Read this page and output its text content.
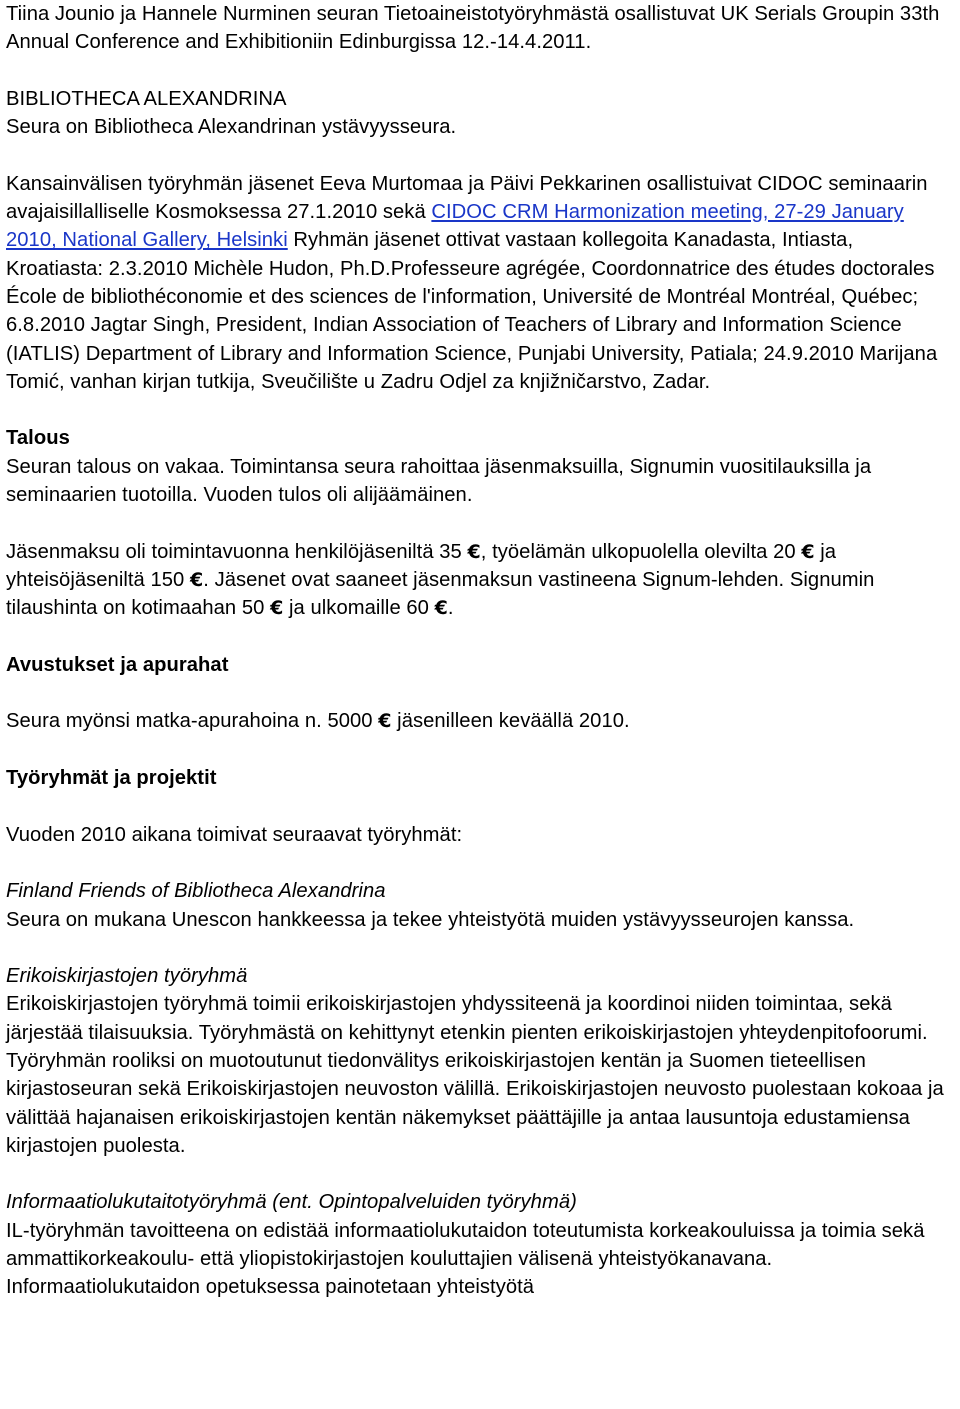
Tiina Jounio ja Hannele Nurminen seuran Tietoaineistotyöryhmästä osallistuvat UK Serials Groupin 33th Annual Conference and Exhibitioniin Edinburgissa 12.-14.4.2011.

BIBLIOTHECA ALEXANDRINA

Seura on Bibliotheca Alexandrinan ystävyysseura.

Kansainvälisen työryhmän jäsenet Eeva Murtomaa ja Päivi Pekkarinen osallistuivat CIDOC seminaarin avajaisillalliselle Kosmoksessa 27.1.2010 sekä CIDOC CRM Harmonization meeting, 27-29 January 2010, National Gallery, Helsinki Ryhmän jäsenet ottivat vastaan kollegoita Kanadasta, Intiasta, Kroatiasta: 2.3.2010 Michèle Hudon, Ph.D.Professeure agrégée, Coordonnatrice des études doctorales École de bibliothéconomie et des sciences de l'information, Université de Montréal Montréal, Québec; 6.8.2010 Jagtar Singh, President, Indian Association of Teachers of Library and Information Science (IATLIS) Department of Library and Information Science, Punjabi University, Patiala; 24.9.2010 Marijana Tomić, vanhan kirjan tutkija, Sveučilište u Zadru Odjel za knjižničarstvo, Zadar.

Talous

Seuran talous on vakaa. Toimintansa seura rahoittaa jäsenmaksuilla, Signumin vuositilauksilla ja seminaarien tuotoilla. Vuoden tulos oli alijäämäinen.

Jäsenmaksu oli toimintavuonna henkilöjäseniltä 35 €, työelämän ulkopuolella olevilta 20 € ja yhteisöjäseniltä 150 €. Jäsenet ovat saaneet jäsenmaksun vastineena Signum-lehden. Signumin tilaushinta on kotimaahan 50 € ja ulkomaille 60 €.

Avustukset ja apurahat

Seura myönsi matka-apurahoina n. 5000 € jäsenilleen keväällä 2010.

Työryhmät ja projektit

Vuoden 2010 aikana toimivat seuraavat työryhmät:

Finland Friends of Bibliotheca Alexandrina

Seura on mukana Unescon hankkeessa ja tekee yhteistyötä muiden ystävyysseurojen kanssa.

Erikoiskirjastojen työryhmä

Erikoiskirjastojen työryhmä toimii erikoiskirjastojen yhdyssiteenä ja koordinoi niiden toimintaa, sekä järjestää tilaisuuksia. Työryhmästä on kehittynyt etenkin pienten erikoiskirjastojen yhteydenpitofoorumi. Työryhmän rooliksi on muotoutunut tiedonvälitys erikoiskirjastojen kentän ja Suomen tieteellisen kirjastoseuran sekä Erikoiskirjastojen neuvoston välillä. Erikoiskirjastojen neuvosto puolestaan kokoaa ja välittää hajanaisen erikoiskirjastojen kentän näkemykset päättäjille ja antaa lausuntoja edustamiensa kirjastojen puolesta.

Informaatiolukutaitotyöryhmä (ent. Opintopalveluiden työryhmä)

IL-työryhmän tavoitteena on edistää informaatiolukutaidon toteutumista korkeakouluissa ja toimia sekä ammattikorkeakoulu- että yliopistokirjastojen kouluttajien välisenä yhteistyökanavana. Informaatiolukutaidon opetuksessa painotetaan yhteistyötä
